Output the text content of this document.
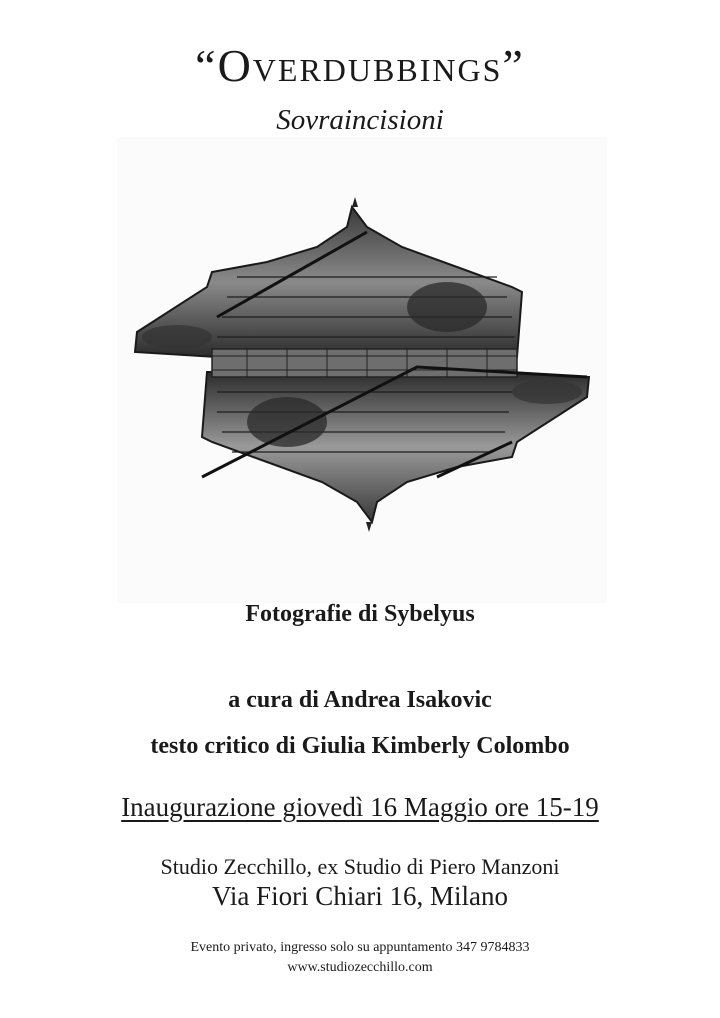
“Overdubbings”
Sovraincisioni
Fotografie di Sybelyus
a cura di Andrea Isakovic
testo critico di Giulia Kimberly Colombo
Inaugurazione giovedì 16 Maggio ore 15-19
Studio Zecchillo, ex Studio di Piero Manzoni
Via Fiori Chiari 16, Milano
Evento privato, ingresso solo su appuntamento 347 9784833
www.studiozecchillo.com
